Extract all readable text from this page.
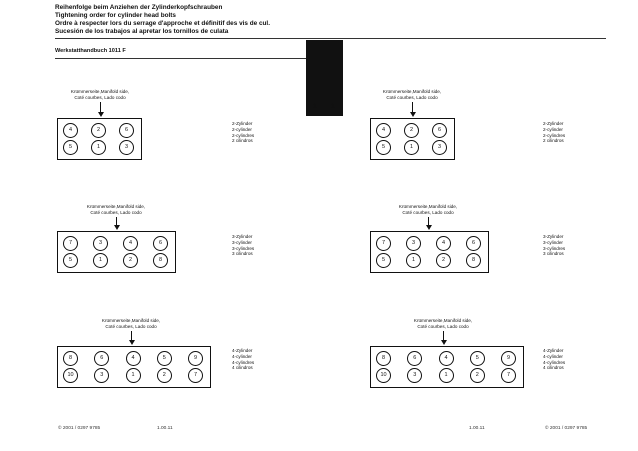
Reihenfolge beim Anziehen der Zylinderkopfschrauben
Tightening order for cylinder head bolts
Ordre à respecter lors du serrage d'approche et définitif des vis de cul.
Sucesión de los trabajos al apretar los tornillos de culata
Werkstatthandbuch 1011 F
1 1
Krümmerseite,Manifold side,
Coté courbes, Lado codo
4	2	6
5	1	3
2-Zylinder
2-cylinder
2-cylindres
2 cilindros
Krümmerseite,Manifold side,
Coté courbes, Lado codo
7	3	4	6
5	1	2	8
3-Zylinder
3-cylinder
3-cylindres
3 cilindros
Krümmerseite,Manifold side,
Coté courbes, Lado codo
8	6	4	5	9
10	3	1	2	7
4-Zylinder
4-cylinder
4-cylindres
4 cilindros
Krümmerseite,Manifold side,
Coté courbes, Lado codo
4	2	6
5	1	3
2-Zylinder
2-cylinder
2-cylindres
2 cilindros
Krümmerseite,Manifold side,
Coté courbes, Lado codo
7	3	4	6
5	1	2	8
3-Zylinder
3-cylinder
3-cylindres
3 cilindros
Krümmerseite,Manifold side,
Coté courbes, Lado codo
8	6	4	5	9
10	3	1	2	7
4-Zylinder
4-cylinder
4-cylindres
4 cilindros
© 2001 / 0297 9785	1.00.11	1.00.11	© 2001 / 0297 9785
